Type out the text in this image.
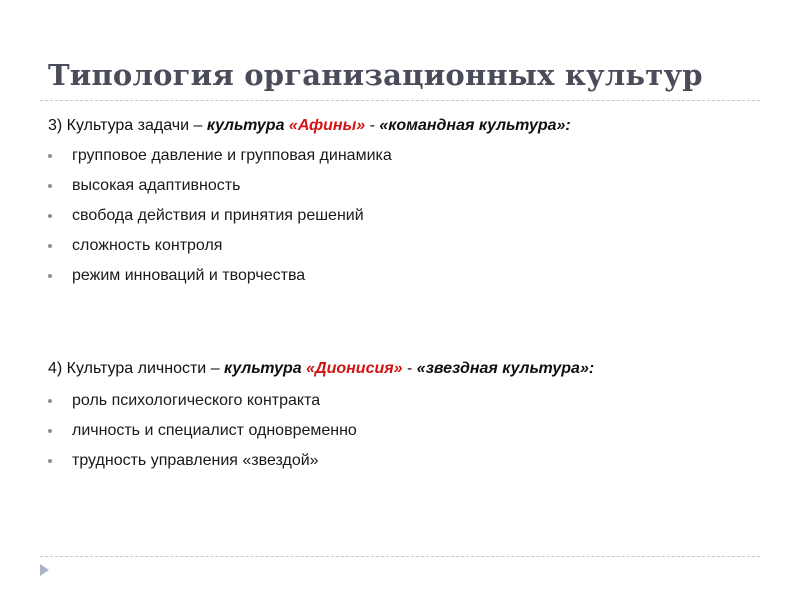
Типология организационных культур
3) Культура задачи – культура «Афины» - «командная культура»:
групповое давление и групповая динамика
высокая адаптивность
свобода действия и принятия решений
сложность контроля
режим инноваций и творчества
4) Культура личности – культура «Дионисия» - «звездная культура»:
роль психологического контракта
личность и специалист одновременно
трудность управления «звездой»
